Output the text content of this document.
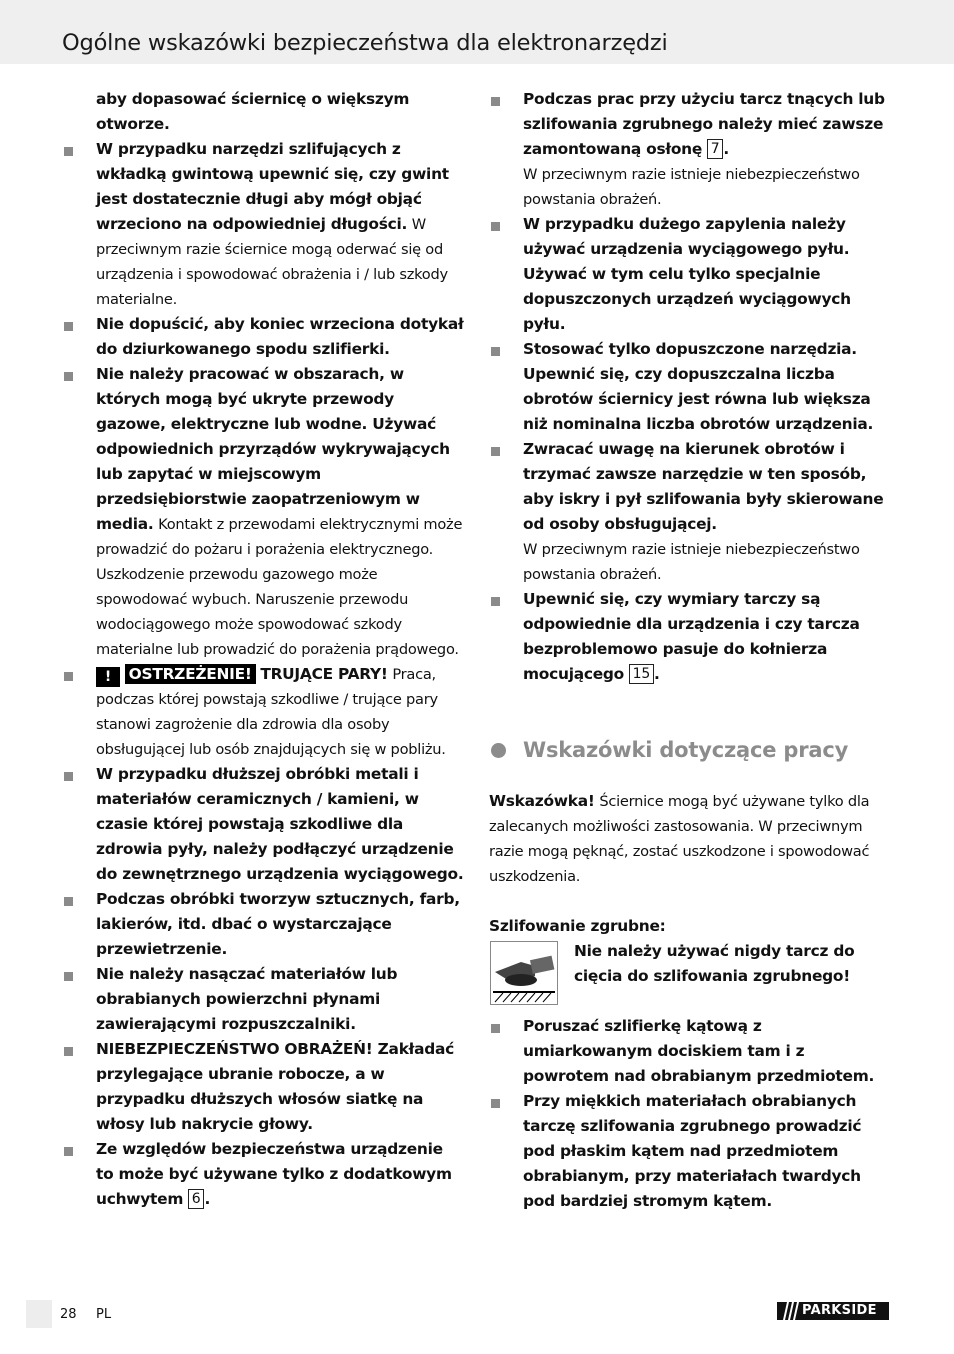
Ogólne wskazówki bezpieczeństwa dla elektronarzędzi
aby dopasować ściernicę o większym otworze.
W przypadku narzędzi szlifujących z wkładką gwintową upewnić się, czy gwint jest dostatecznie długi aby mógł objąć wrzeciono na odpowiedniej długości. W przeciwnym razie ściernice mogą oderwać się od urządzenia i spowodować obrażenia i / lub szkody materialne.
Nie dopuścić, aby koniec wrzeciona dotykał do dziurkowanego spodu szlifierki.
Nie należy pracować w obszarach, w których mogą być ukryte przewody gazowe, elektryczne lub wodne. Używać odpowiednich przyrządów wykrywających lub zapytać w miejscowym przedsiębiorstwie zaopatrzeniowym w media. Kontakt z przewodami elektrycznymi może prowadzić do pożaru i porażenia elektrycznego. Uszkodzenie przewodu gazowego może spowodować wybuch. Naruszenie przewodu wodociągowego może spowodować szkody materialne lub prowadzić do porażenia prądowego.
! OSTRZEŻENIE! TRUJĄCE PARY! Praca, podczas której powstają szkodliwe / trujące pary stanowi zagrożenie dla zdrowia dla osoby obsługującej lub osób znajdujących się w pobliżu.
W przypadku dłuższej obróbki metali i materiałów ceramicznych / kamieni, w czasie której powstają szkodliwe dla zdrowia pyły, należy podłączyć urządzenie do zewnętrznego urządzenia wyciągowego.
Podczas obróbki tworzyw sztucznych, farb, lakierów, itd. dbać o wystarczające przewietrzenie.
Nie należy nasączać materiałów lub obrabianych powierzchni płynami zawierającymi rozpuszczalniki.
NIEBEZPIECZEŃSTWO OBRAŻEŃ! Zakładać przylegające ubranie robocze, a w przypadku dłuższych włosów siatkę na włosy lub nakrycie głowy.
Ze względów bezpieczeństwa urządzenie to może być używane tylko z dodatkowym uchwytem 6 .
Podczas prac przy użyciu tarcz tnących lub szlifowania zgrubnego należy mieć zawsze zamontowaną osłonę 7 .
W przeciwnym razie istnieje niebezpieczeństwo powstania obrażeń.
W przypadku dużego zapylenia należy używać urządzenia wyciągowego pyłu. Używać w tym celu tylko specjalnie dopuszczonych urządzeń wyciągowych pyłu.
Stosować tylko dopuszczone narzędzia. Upewnić się, czy dopuszczalna liczba obrotów ściernicy jest równa lub większa niż nominalna liczba obrotów urządzenia.
Zwracać uwagę na kierunek obrotów i trzymać zawsze narzędzie w ten sposób, aby iskry i pył szlifowania były skierowane od osoby obsługującej.
W przeciwnym razie istnieje niebezpieczeństwo powstania obrażeń.
Upewnić się, czy wymiary tarczy są odpowiednie dla urządzenia i czy tarcza bezproblemowo pasuje do kołnierza mocującego 15 .
Wskazówki dotyczące pracy
Wskazówka! Ściernice mogą być używane tylko dla zalecanych możliwości zastosowania. W przeciwnym razie mogą pęknąć, zostać uszkodzone i spowodować uszkodzenia.
Szlifowanie zgrubne:
Nie należy używać nigdy tarcz do cięcia do szlifowania zgrubnego!
Poruszać szlifierkę kątową z umiarkowanym dociskiem tam i z powrotem nad obrabianym przedmiotem.
Przy miękkich materiałach obrabianych tarczę szlifowania zgrubnego prowadzić pod płaskim kątem nad przedmiotem obrabianym, przy materiałach twardych pod bardziej stromym kątem.
28 PL	PARKSIDE
